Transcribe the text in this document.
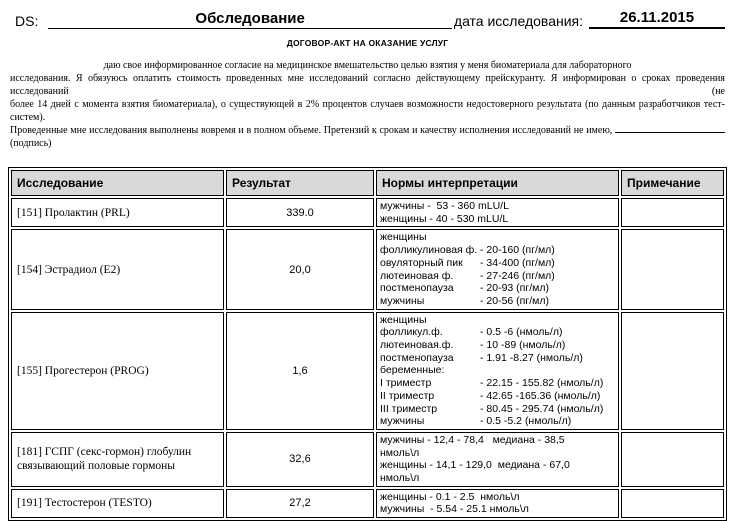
DS:	Обследование	дата исследования:	26.11.2015
ДОГОВОР-АКТ НА ОКАЗАНИЕ УСЛУГ
даю свое информированное согласие на медицинское вмешательство целью взятия у меня биоматериала для лабораторного
исследования. Я обязуюсь оплатить стоимость проведенных мне исследований согласно действующему прейскуранту. Я информирован о сроках проведения исследований (не
более 14 дней с момента взятия биоматериала), о существующей в 2% процентов случаев возможности недостоверного результата (по данным разработчиков тест-систем).
Проведенные мне исследования выполнены вовремя и в полном объеме. Претензий к срокам и качеству исполнения исследований не имею,  (подпись)
Исследование	Результат	Нормы интерпретации	Примечание
[151] Пролактин (PRL)	339.0	мужчины -  53 - 360 mLU/L
женщины - 40 - 530 mLU/L	

[154] Эстрадиол (E2)	20,0	
женщины
фолликулиновая ф. - 20-160 (пг/мл)
овуляторный пик - 34-400 (пг/мл)
лютеиновая ф.	- 27-246 (пг/мл)
постменопауза	- 20-93 (пг/мл)
мужчины	- 20-56 (пг/мл)

[155] Прогестерон (PROG)	1,6	
женщины
фолликул.ф.	- 0.5 -6 (нмоль/л)
лютеиновая.ф.	- 10 -89 (нмоль/л)
постменопауза	- 1.91 -8.27 (нмоль/л)
беременные:
I триместр	- 22.15 - 155.82 (нмоль/л)
II триместр	- 42.65 -165.36 (нмоль/л)
III триместр	- 80.45 - 295.74 (нмоль/л)
мужчины	- 0.5 -5.2 (нмоль/л)

[181] ГСПГ (секс-гормон) глобулин связывающий половые гормоны	32,6	мужчины - 12,4 - 78,4   медиана - 38,5
нмоль\л
женщины - 14,1 - 129,0  медиана - 67,0
нмоль\л	

[191] Тестостерон (TESTO)	27,2	женщины - 0.1 - 2.5  нмоль\л
мужчины  - 5.54 - 25.1 нмоль\л	
